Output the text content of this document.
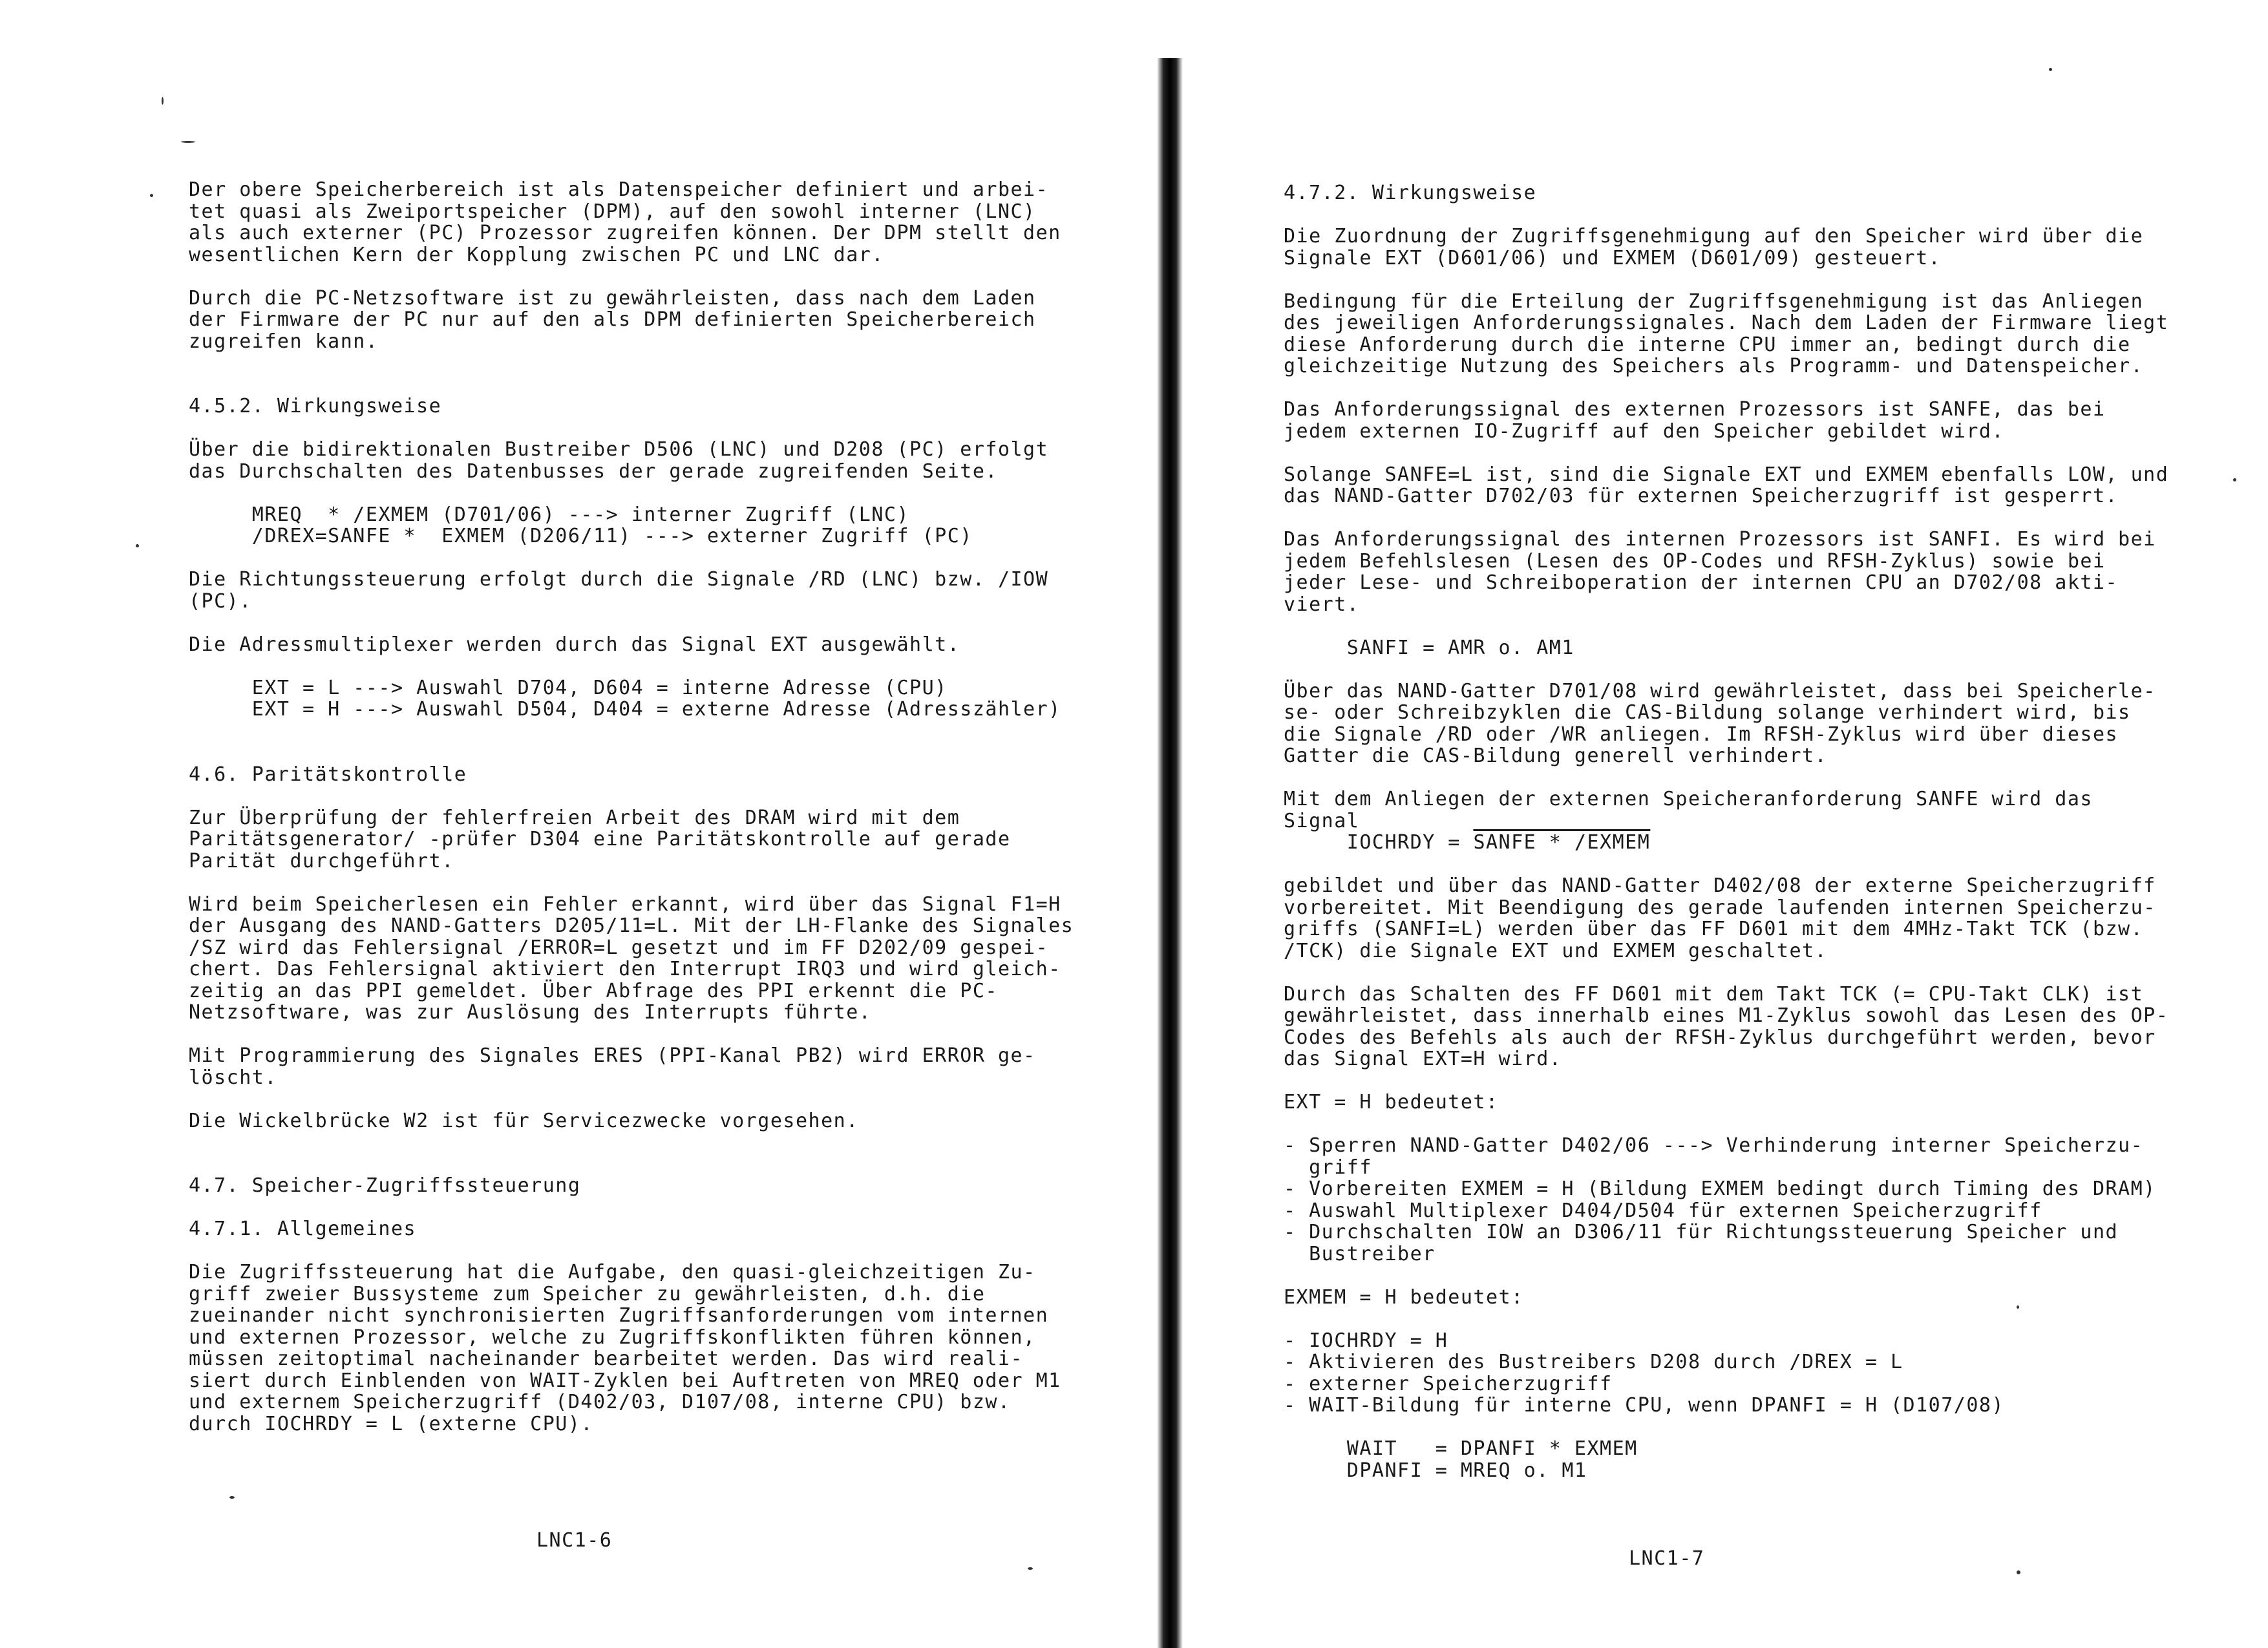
Der obere Speicherbereich ist als Datenspeicher definiert und arbei-
tet quasi als Zweiportspeicher (DPM), auf den sowohl interner (LNC)
als auch externer (PC) Prozessor zugreifen können. Der DPM stellt den
wesentlichen Kern der Kopplung zwischen PC und LNC dar.

Durch die PC-Netzsoftware ist zu gewährleisten, dass nach dem Laden
der Firmware der PC nur auf den als DPM definierten Speicherbereich
zugreifen kann.

4.5.2. Wirkungsweise

Über die bidirektionalen Bustreiber D506 (LNC) und D208 (PC) erfolgt
das Durchschalten des Datenbusses der gerade zugreifenden Seite.

MREQ  * /EXMEM (D701/06) ---> interner Zugriff (LNC)
/DREX=SANFE *  EXMEM (D206/11) ---> externer Zugriff (PC)

Die Richtungssteuerung erfolgt durch die Signale /RD (LNC) bzw. /IOW
(PC).

Die Adressmultiplexer werden durch das Signal EXT ausgewählt.

EXT = L ---> Auswahl D704, D604 = interne Adresse (CPU)
EXT = H ---> Auswahl D504, D404 = externe Adresse (Adresszähler)

4.6. Paritätskontrolle

Zur Überprüfung der fehlerfreien Arbeit des DRAM wird mit dem
Paritätsgenerator/ -prüfer D304 eine Paritätskontrolle auf gerade
Parität durchgeführt.

Wird beim Speicherlesen ein Fehler erkannt, wird über das Signal F1=H
der Ausgang des NAND-Gatters D205/11=L. Mit der LH-Flanke des Signales
/SZ wird das Fehlersignal /ERROR=L gesetzt und im FF D202/09 gespei-
chert. Das Fehlersignal aktiviert den Interrupt IRQ3 und wird gleich-
zeitig an das PPI gemeldet. Über Abfrage des PPI erkennt die PC-
Netzsoftware, was zur Auslösung des Interrupts führte.

Mit Programmierung des Signales ERES (PPI-Kanal PB2) wird ERROR ge-
löscht.

Die Wickelbrücke W2 ist für Servicezwecke vorgesehen.

4.7. Speicher-Zugriffssteuerung

4.7.1. Allgemeines

Die Zugriffssteuerung hat die Aufgabe, den quasi-gleichzeitigen Zu-
griff zweier Bussysteme zum Speicher zu gewährleisten, d.h. die
zueinander nicht synchronisierten Zugriffsanforderungen vom internen
und externen Prozessor, welche zu Zugriffskonflikten führen können,
müssen zeitoptimal nacheinander bearbeitet werden. Das wird reali-
siert durch Einblenden von WAIT-Zyklen bei Auftreten von MREQ oder M1
und externem Speicherzugriff (D402/03, D107/08, interne CPU) bzw.
durch IOCHRDY = L (externe CPU).
LNC1-6
4.7.2. Wirkungsweise

Die Zuordnung der Zugriffsgenehmigung auf den Speicher wird über die
Signale EXT (D601/06) und EXMEM (D601/09) gesteuert.

Bedingung für die Erteilung der Zugriffsgenehmigung ist das Anliegen
des jeweiligen Anforderungssignales. Nach dem Laden der Firmware liegt
diese Anforderung durch die interne CPU immer an, bedingt durch die
gleichzeitige Nutzung des Speichers als Programm- und Datenspeicher.

Das Anforderungssignal des externen Prozessors ist SANFE, das bei
jedem externen IO-Zugriff auf den Speicher gebildet wird.

Solange SANFE=L ist, sind die Signale EXT und EXMEM ebenfalls LOW, und
das NAND-Gatter D702/03 für externen Speicherzugriff ist gesperrt.

Das Anforderungssignal des internen Prozessors ist SANFI. Es wird bei
jedem Befehlslesen (Lesen des OP-Codes und RFSH-Zyklus) sowie bei
jeder Lese- und Schreiboperation der internen CPU an D702/08 akti-
viert.

SANFI = AMR o. AM1

Über das NAND-Gatter D701/08 wird gewährleistet, dass bei Speicherle-
se- oder Schreibzyklen die CAS-Bildung solange verhindert wird, bis
die Signale /RD oder /WR anliegen. Im RFSH-Zyklus wird über dieses
Gatter die CAS-Bildung generell verhindert.

Mit dem Anliegen der externen Speicheranforderung SANFE wird das
Signal
IOCHRDY = SANFE * /EXMEM

gebildet und über das NAND-Gatter D402/08 der externe Speicherzugriff
vorbereitet. Mit Beendigung des gerade laufenden internen Speicherzu-
griffs (SANFI=L) werden über das FF D601 mit dem 4MHz-Takt TCK (bzw.
/TCK) die Signale EXT und EXMEM geschaltet.

Durch das Schalten des FF D601 mit dem Takt TCK (= CPU-Takt CLK) ist
gewährleistet, dass innerhalb eines M1-Zyklus sowohl das Lesen des OP-
Codes des Befehls als auch der RFSH-Zyklus durchgeführt werden, bevor
das Signal EXT=H wird.

EXT = H bedeutet:

- Sperren NAND-Gatter D402/06 ---> Verhinderung interner Speicherzu-
griff
- Vorbereiten EXMEM = H (Bildung EXMEM bedingt durch Timing des DRAM)
- Auswahl Multiplexer D404/D504 für externen Speicherzugriff
- Durchschalten IOW an D306/11 für Richtungssteuerung Speicher und
Bustreiber

EXMEM = H bedeutet:

- IOCHRDY = H
- Aktivieren des Bustreibers D208 durch /DREX = L
- externer Speicherzugriff
- WAIT-Bildung für interne CPU, wenn DPANFI = H (D107/08)

WAIT   = DPANFI * EXMEM
DPANFI = MREQ o. M1
LNC1-7
